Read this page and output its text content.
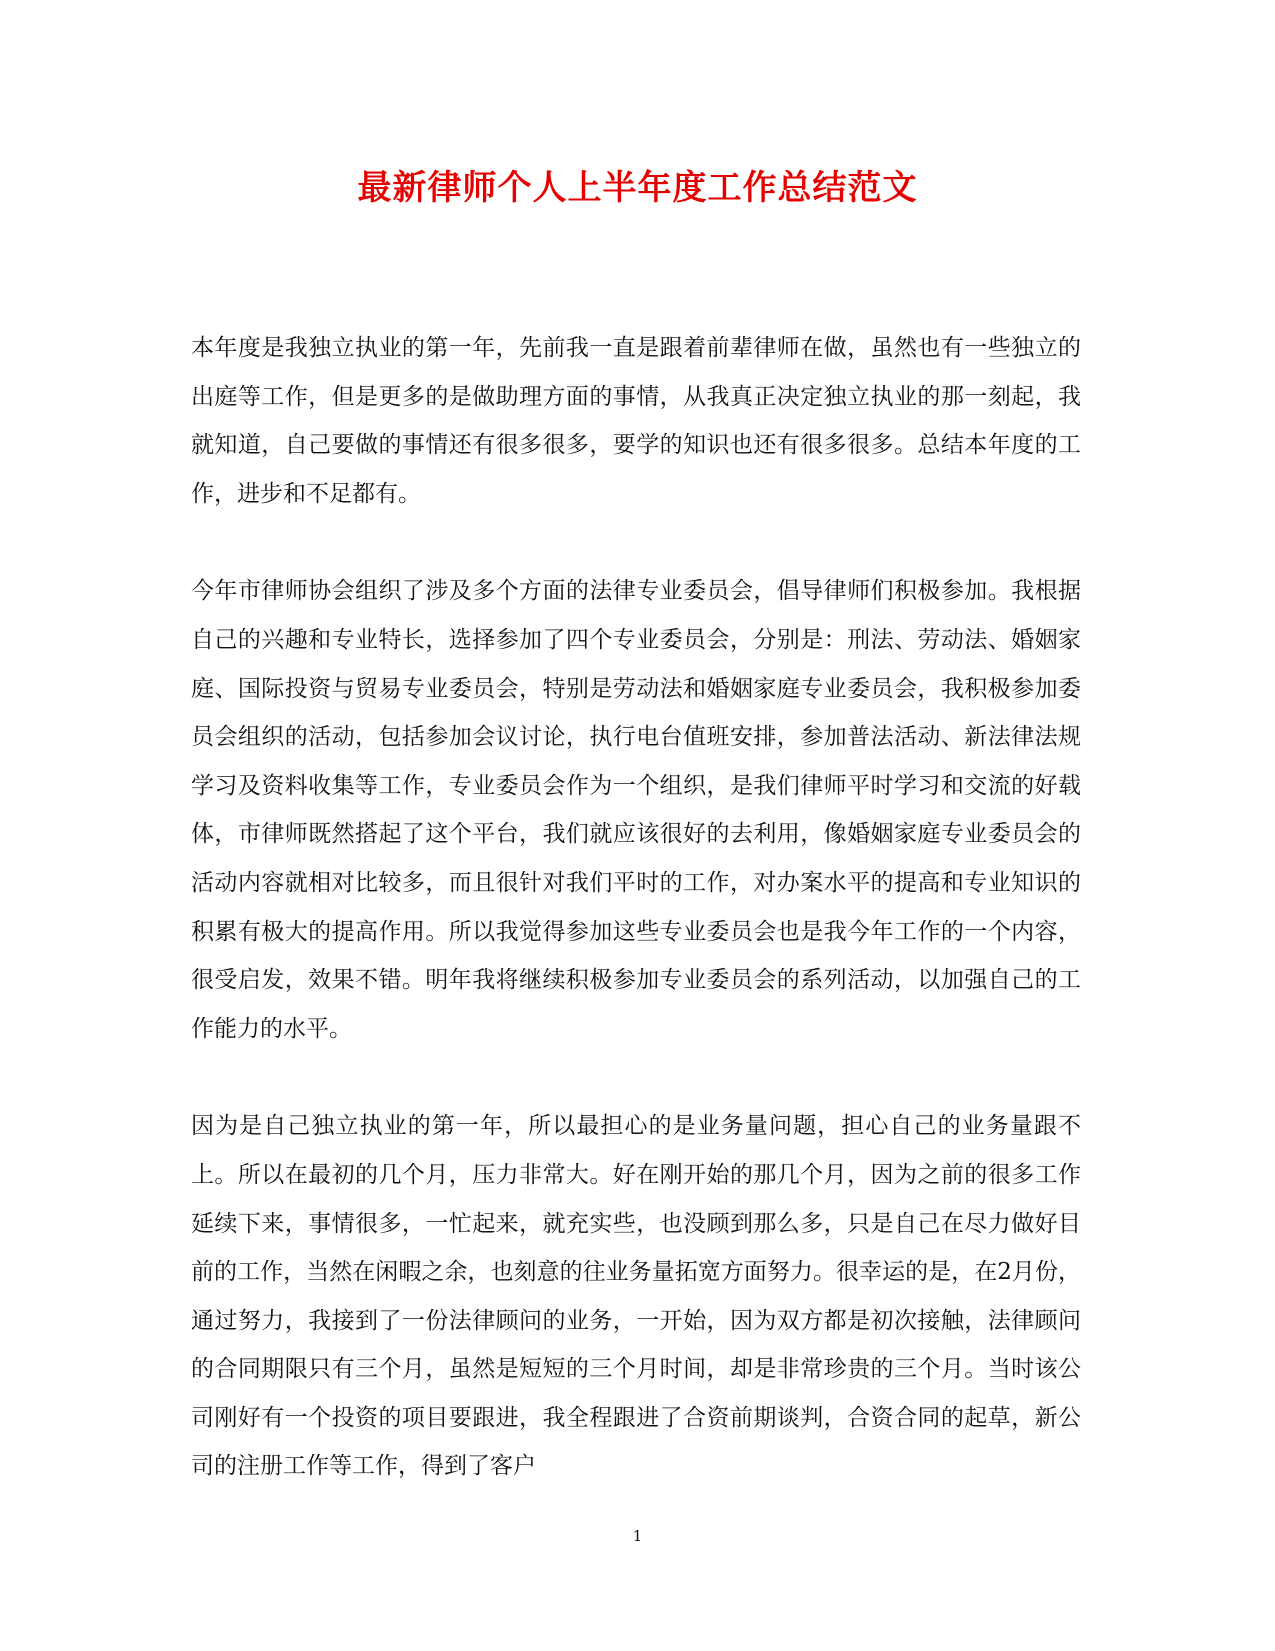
最新律师个人上半年度工作总结范文

本年度是我独立执业的第一年，先前我一直是跟着前辈律师在做，虽然也有一些独立的出庭等工作，但是更多的是做助理方面的事情，从我真正决定独立执业的那一刻起，我就知道，自己要做的事情还有很多很多，要学的知识也还有很多很多。总结本年度的工作，进步和不足都有。

今年市律师协会组织了涉及多个方面的法律专业委员会，倡导律师们积极参加。我根据自己的兴趣和专业特长，选择参加了四个专业委员会，分别是：刑法、劳动法、婚姻家庭、国际投资与贸易专业委员会，特别是劳动法和婚姻家庭专业委员会，我积极参加委员会组织的活动，包括参加会议讨论，执行电台值班安排，参加普法活动、新法律法规学习及资料收集等工作，专业委员会作为一个组织，是我们律师平时学习和交流的好载体，市律师既然搭起了这个平台，我们就应该很好的去利用，像婚姻家庭专业委员会的活动内容就相对比较多，而且很针对我们平时的工作，对办案水平的提高和专业知识的积累有极大的提高作用。所以我觉得参加这些专业委员会也是我今年工作的一个内容，很受启发，效果不错。明年我将继续积极参加专业委员会的系列活动，以加强自己的工作能力的水平。

因为是自己独立执业的第一年，所以最担心的是业务量问题，担心自己的业务量跟不上。所以在最初的几个月，压力非常大。好在刚开始的那几个月，因为之前的很多工作延续下来，事情很多，一忙起来，就充实些，也没顾到那么多，只是自己在尽力做好目前的工作，当然在闲暇之余，也刻意的往业务量拓宽方面努力。很幸运的是，在2月份，通过努力，我接到了一份法律顾问的业务，一开始，因为双方都是初次接触，法律顾问的合同期限只有三个月，虽然是短短的三个月时间，却是非常珍贵的三个月。当时该公司刚好有一个投资的项目要跟进，我全程跟进了合资前期谈判，合资合同的起草，新公司的注册工作等工作，得到了客户

1
